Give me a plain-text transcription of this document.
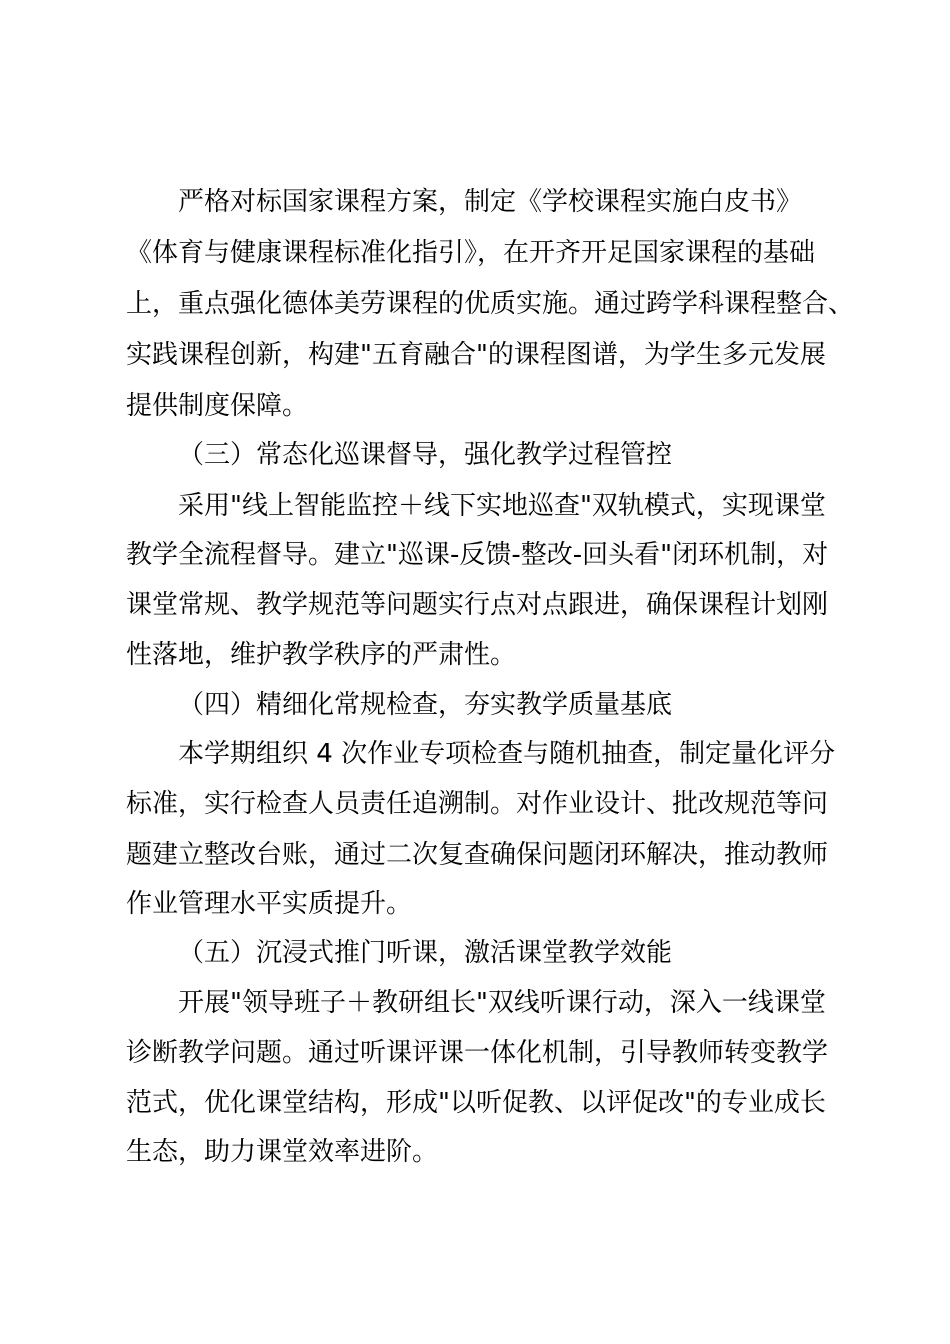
严格对标国家课程方案，制定《学校课程实施白皮书》
《体育与健康课程标准化指引》，在开齐开足国家课程的基础
上，重点强化德体美劳课程的优质实施。通过跨学科课程整合、
实践课程创新，构建"五育融合"的课程图谱，为学生多元发展
提供制度保障。
（三）常态化巡课督导，强化教学过程管控
采用"线上智能监控＋线下实地巡查"双轨模式，实现课堂
教学全流程督导。建立"巡课-反馈-整改-回头看"闭环机制，对
课堂常规、教学规范等问题实行点对点跟进，确保课程计划刚
性落地，维护教学秩序的严肃性。
（四）精细化常规检查，夯实教学质量基底
本学期组织 4 次作业专项检查与随机抽查，制定量化评分
标准，实行检查人员责任追溯制。对作业设计、批改规范等问
题建立整改台账，通过二次复查确保问题闭环解决，推动教师
作业管理水平实质提升。
（五）沉浸式推门听课，激活课堂教学效能
开展"领导班子＋教研组长"双线听课行动，深入一线课堂
诊断教学问题。通过听课评课一体化机制，引导教师转变教学
范式，优化课堂结构，形成"以听促教、以评促改"的专业成长
生态，助力课堂效率进阶。
